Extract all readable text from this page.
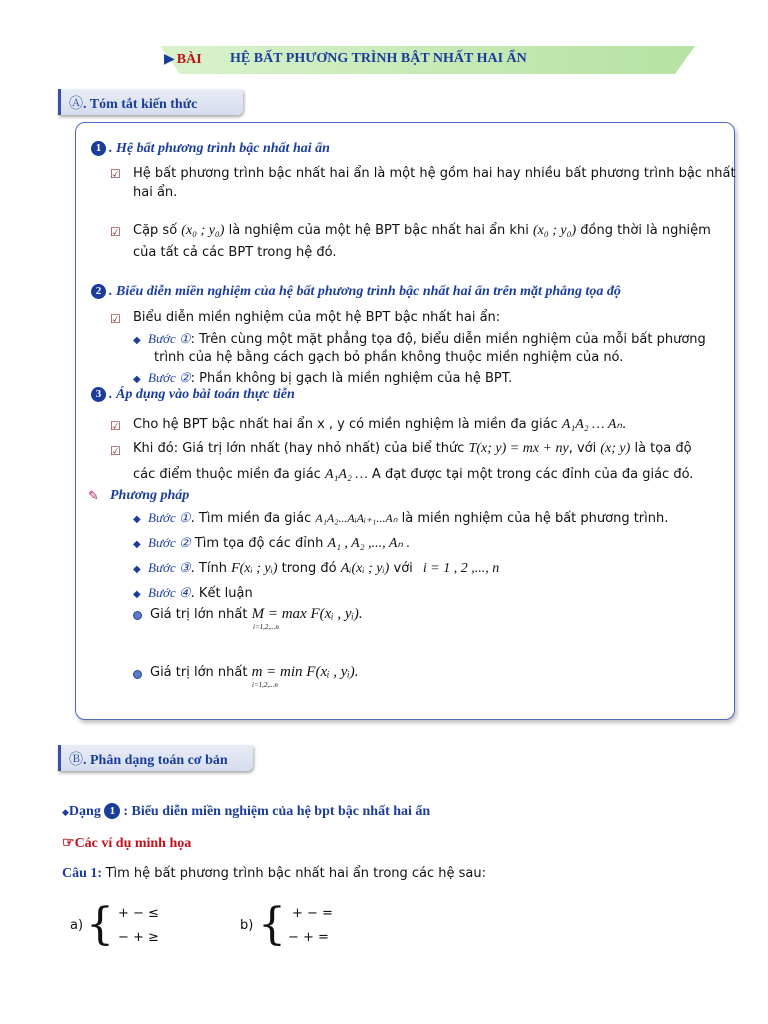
▶ BÀI HỆ BẤT PHƯƠNG TRÌNH BẬT NHẤT HAI ẨN
Ⓐ. Tóm tắt kiến thức
1 . Hệ bất phương trình bậc nhất hai ẩn
☑ Hệ bất phương trình bậc nhất hai ẩn là một hệ gồm hai hay nhiều bất phương trình bậc nhất
hai ẩn.
☑ Cặp số (x₀ ; y₀) là nghiệm của một hệ BPT bậc nhất hai ẩn khi (x₀ ; y₀) đồng thời là nghiệm
của tất cả các BPT trong hệ đó.
2 . Biểu diễn miền nghiệm của hệ bất phương trình bậc nhất hai ẩn trên mặt phẳng tọa độ
☑ Biểu diễn miền nghiệm của một hệ BPT bậc nhất hai ẩn:
◆ Bước ①: Trên cùng một mặt phẳng tọa độ, biểu diễn miền nghiệm của mỗi bất phương
trình của hệ bằng cách gạch bỏ phần không thuộc miền nghiệm của nó.
◆ Bước ②: Phần không bị gạch là miền nghiệm của hệ BPT.
3 . Áp dụng vào bài toán thực tiễn
☑ Cho hệ BPT bậc nhất hai ẩn x , y có miền nghiệm là miền đa giác A₁A₂ … Aₙ.
☑ Khi đó: Giá trị lớn nhất (hay nhỏ nhất) của biể thức T(x; y) = mx + ny, với (x; y) là tọa độ
các điểm thuộc miền đa giác A₁A₂ … A đạt được tại một trong các đỉnh của đa giác đó.
✎ Phương pháp
◆ Bước ①. Tìm miền đa giác A₁A₂...AᵢAᵢ₊₁...Aₙ là miền nghiệm của hệ bất phương trình.
◆ Bước ② Tìm tọa độ các đỉnh A₁ , A₂ ,..., Aₙ .
◆ Bước ③. Tính F(xᵢ ; yᵢ) trong đó Aᵢ(xᵢ ; yᵢ) với i = 1 , 2 ,..., n
◆ Bước ④. Kết luận
Giá trị lớn nhất M = max F(xᵢ , yᵢ).
i=1,2,...n
Giá trị lớn nhất m = min F(xᵢ , yᵢ).
i=1,2,...n
Ⓑ. Phân dạng toán cơ bản
◆Dạng 1 : Biểu diễn miền nghiệm của hệ bpt bậc nhất hai ẩn
☞Các ví dụ minh họa
Câu 1: Tìm hệ bất phương trình bậc nhất hai ẩn trong các hệ sau:
a) { + − ≤
− + ≥
b) { + − =
− + =
